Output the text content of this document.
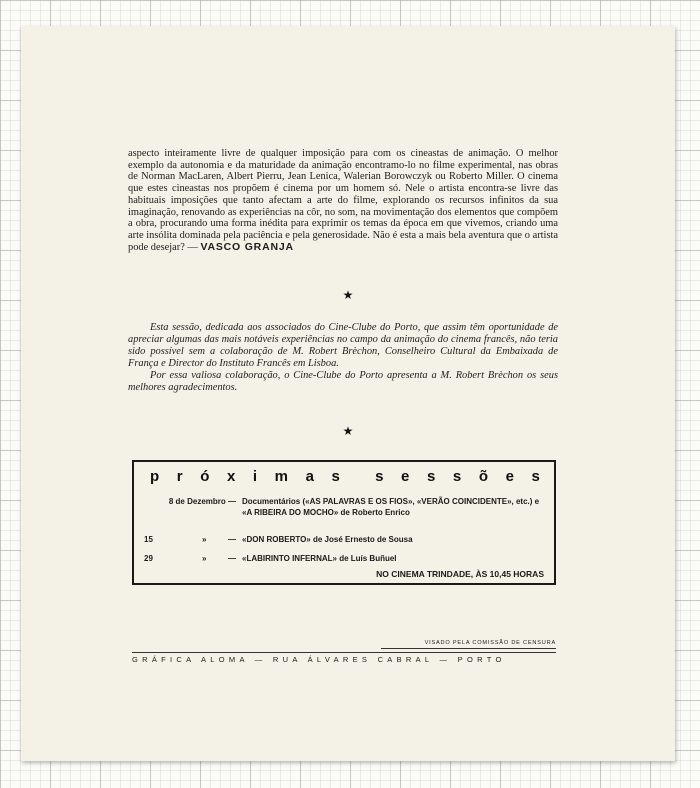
aspecto inteiramente livre de qualquer imposição para com os cineastas de animação. O melhor exemplo da autonomia e da maturidade da animação encontramo-lo no filme experimental, nas obras de Norman MacLaren, Albert Pierru, Jean Lenica, Walerian Borowczyk ou Roberto Miller. O cinema que estes cineastas nos propõem é cinema por um homem só. Nele o artista encontra-se livre das habituais imposições que tanto afectam a arte do filme, explorando os recursos infinitos da sua imaginação, renovando as experiências na côr, no som, na movimentação dos elementos que compõem a obra, procurando uma forma inédita para exprimir os temas da época em que vivemos, criando uma arte insólita dominada pela paciência e pela generosidade. Não é esta a mais bela aventura que o artista pode desejar? — VASCO GRANJA

★

Esta sessão, dedicada aos associados do Cine-Clube do Porto, que assim têm oportunidade de apreciar algumas das mais notáveis experiências no campo da animação do cinema francês, não teria sido possível sem a colaboração de M. Robert Brèchon, Conselheiro Cultural da Embaixada de França e Director do Instituto Francês em Lisboa.

Por essa valiosa colaboração, o Cine-Clube do Porto apresenta a M. Robert Brèchon os seus melhores agradecimentos.

★
p r ó x i m a s s e s s õ e s
8 de Dezembro — Documentários («AS PALAVRAS E OS FIOS», «VERÃO COINCIDENTE», etc.) e «A RIBEIRA DO MOCHO» de Roberto Enrico
15	»	— «DON ROBERTO» de José Ernesto de Sousa
29	»	— «LABIRINTO INFERNAL» de Luís Buñuel
NO CINEMA TRINDADE, ÀS 10,45 HORAS
VISADO PELA COMISSÃO DE CENSURA
GRÁFICA ALOMA — RUA ÁLVARES CABRAL — PORTO
